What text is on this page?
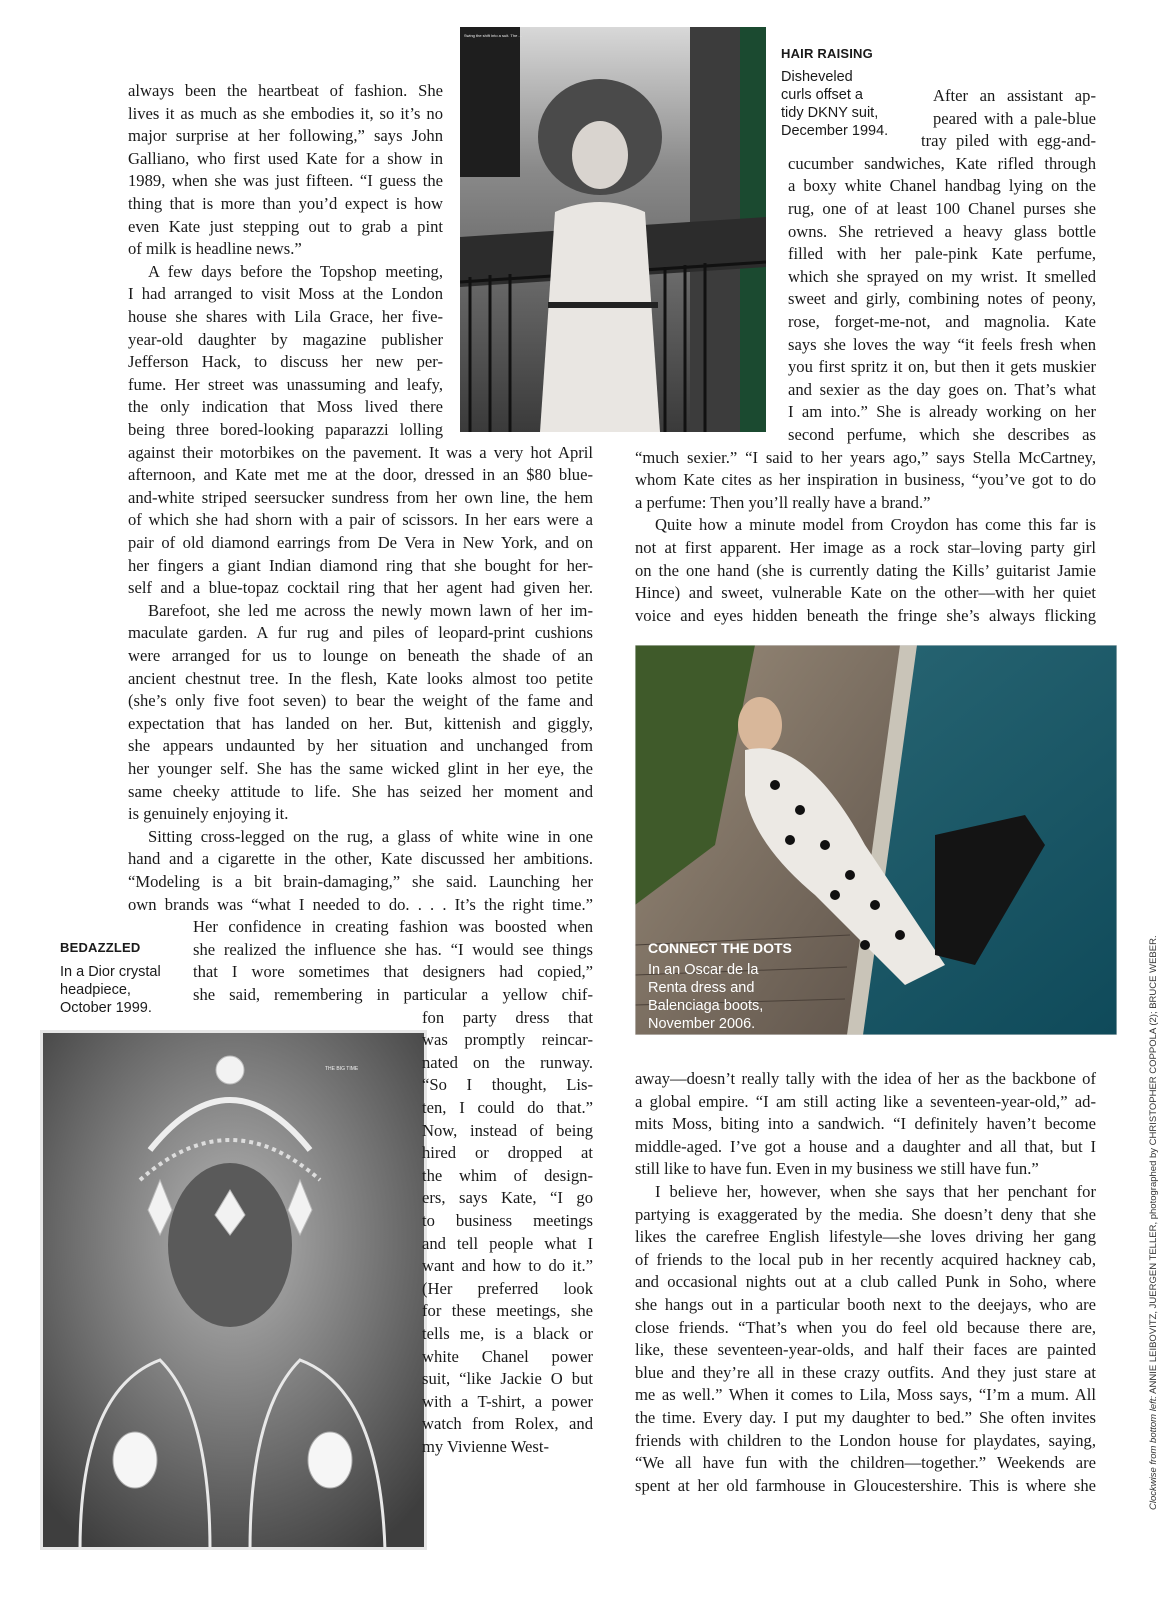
Swing the shift into a suit. The ...
HAIR RAISING
Disheveled
curls offset a
tidy DKNY suit,
December 1994.
THE BIG TIME
BEDAZZLED
In a Dior crystal
headpiece,
October 1999.
CONNECT THE DOTS
In an Oscar de la
Renta dress and
Balenciaga boots,
November 2006.
always been the heartbeat of fashion. She
lives it as much as she embodies it, so it’s no
major surprise at her following,” says John
Galliano, who first used Kate for a show in
1989, when she was just fifteen. “I guess the
thing that is more than you’d expect is how
even Kate just stepping out to grab a pint
of milk is headline news.”
A few days before the Topshop meeting,
I had arranged to visit Moss at the London
house she shares with Lila Grace, her five-
year-old daughter by magazine publisher
Jefferson Hack, to discuss her new per-
fume. Her street was unassuming and leafy,
the only indication that Moss lived there
being three bored-looking paparazzi lolling
against their motorbikes on the pavement. It was a very hot April
afternoon, and Kate met me at the door, dressed in an $80 blue-
and-white striped seersucker sundress from her own line, the hem
of which she had shorn with a pair of scissors. In her ears were a
pair of old diamond earrings from De Vera in New York, and on
her fingers a giant Indian diamond ring that she bought for her-
self and a blue-topaz cocktail ring that her agent had given her.
Barefoot, she led me across the newly mown lawn of her im-
maculate garden. A fur rug and piles of leopard-print cushions
were arranged for us to lounge on beneath the shade of an
ancient chestnut tree. In the flesh, Kate looks almost too petite
(she’s only five foot seven) to bear the weight of the fame and
expectation that has landed on her. But, kittenish and giggly,
she appears undaunted by her situation and unchanged from
her younger self. She has the same wicked glint in her eye, the
same cheeky attitude to life. She has seized her moment and
is genuinely enjoying it.
Sitting cross-legged on the rug, a glass of white wine in one
hand and a cigarette in the other, Kate discussed her ambitions.
“Modeling is a bit brain-damaging,” she said. Launching her
own brands was “what I needed to do. . . . It’s the right time.”
Her confidence in creating fashion was boosted when
she realized the influence she has. “I would see things
that I wore sometimes that designers had copied,”
she said, remembering in particular a yellow chif-
fon party dress that
was promptly reincar-
nated on the runway.
“So I thought, Lis-
ten, I could do that.”
Now, instead of being
hired or dropped at
the whim of design-
ers, says Kate, “I go
to business meetings
and tell people what I
want and how to do it.”
(Her preferred look
for these meetings, she
tells me, is a black or
white Chanel power
suit, “like Jackie O but
with a T-shirt, a power
watch from Rolex, and
my Vivienne West-
After an assistant ap-
peared with a pale-blue
tray piled with egg-and-
cucumber sandwiches, Kate rifled through
a boxy white Chanel handbag lying on the
rug, one of at least 100 Chanel purses she
owns. She retrieved a heavy glass bottle
filled with her pale-pink Kate perfume,
which she sprayed on my wrist. It smelled
sweet and girly, combining notes of peony,
rose, forget-me-not, and magnolia. Kate
says she loves the way “it feels fresh when
you first spritz it on, but then it gets muskier
and sexier as the day goes on. That’s what
I am into.” She is already working on her
second perfume, which she describes as
“much sexier.” “I said to her years ago,” says Stella McCartney,
whom Kate cites as her inspiration in business, “you’ve got to do
a perfume: Then you’ll really have a brand.”
Quite how a minute model from Croydon has come this far is
not at first apparent. Her image as a rock star–loving party girl
on the one hand (she is currently dating the Kills’ guitarist Jamie
Hince) and sweet, vulnerable Kate on the other—with her quiet
voice and eyes hidden beneath the fringe she’s always flicking
away—doesn’t really tally with the idea of her as the backbone of
a global empire. “I am still acting like a seventeen-year-old,” ad-
mits Moss, biting into a sandwich. “I definitely haven’t become
middle-aged. I’ve got a house and a daughter and all that, but I
still like to have fun. Even in my business we still have fun.”
I believe her, however, when she says that her penchant for
partying is exaggerated by the media. She doesn’t deny that she
likes the carefree English lifestyle—she loves driving her gang
of friends to the local pub in her recently acquired hackney cab,
and occasional nights out at a club called Punk in Soho, where
she hangs out in a particular booth next to the deejays, who are
close friends. “That’s when you do feel old because there are,
like, these seventeen-year-olds, and half their faces are painted
blue and they’re all in these crazy outfits. And they just stare at
me as well.” When it comes to Lila, Moss says, “I’m a mum. All
the time. Every day. I put my daughter to bed.” She often invites
friends with children to the London house for playdates, saying,
“We all have fun with the children—together.” Weekends are
spent at her old farmhouse in Gloucestershire. This is where she	Clockwise from bottom left: ANNIE LEIBOVITZ, JUERGEN TELLER, photographed by CHRISTOPHER COPPOLA (2); BRUCE WEBER.
